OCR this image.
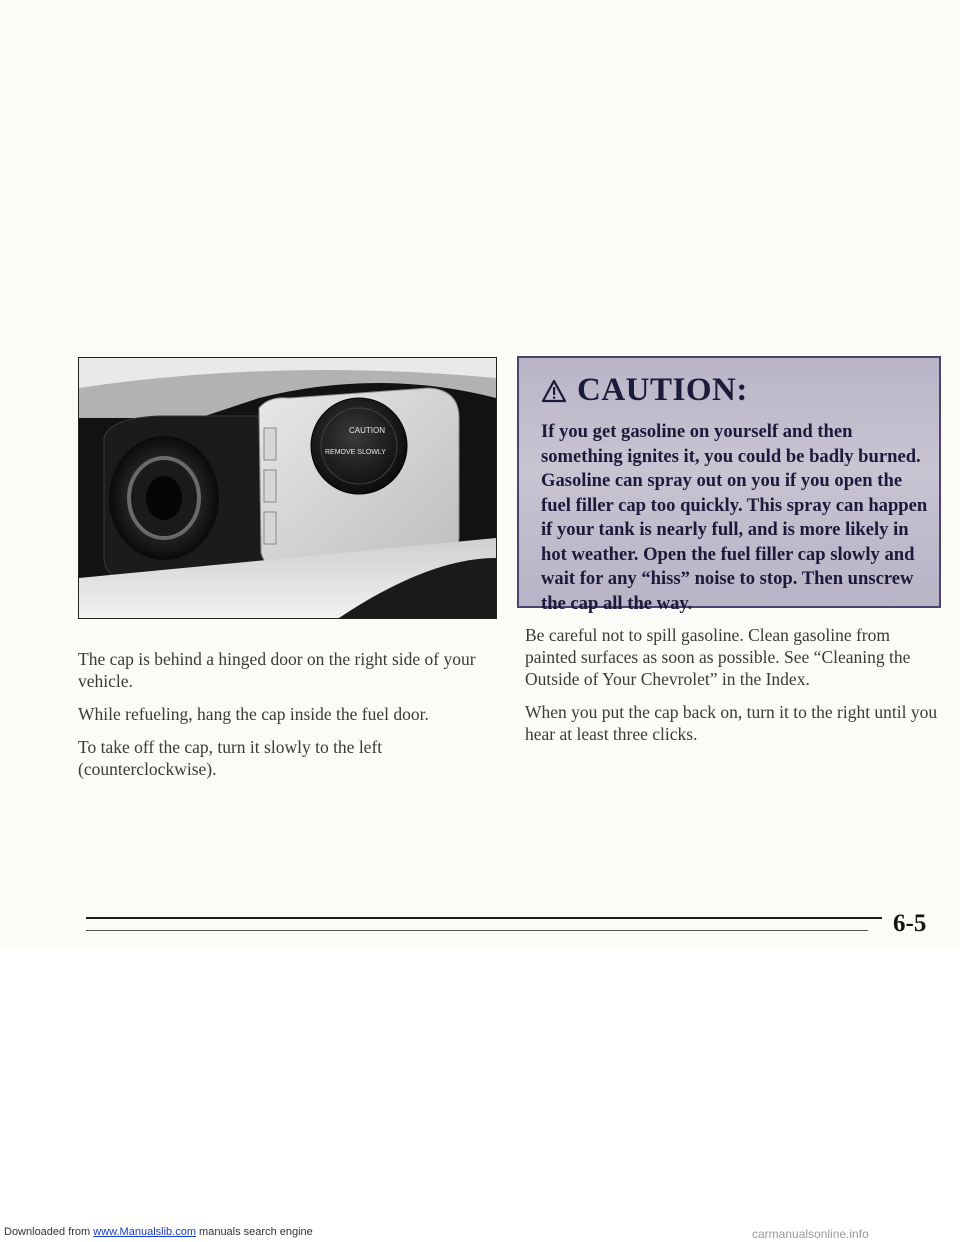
CAUTION
REMOVE SLOWLY
CAUTION:

If you get gasoline on yourself and then something ignites it, you could be badly burned. Gasoline can spray out on you if you open the fuel filler cap too quickly. This spray can happen if your tank is nearly full, and is more likely in hot weather. Open the fuel filler cap slowly and wait for any “hiss” noise to stop. Then unscrew the cap all the way.

The cap is behind a hinged door on the right side of your vehicle.

While refueling, hang the cap inside the fuel door.

To take off the cap, turn it slowly to the left (counterclockwise).

Be careful not to spill gasoline. Clean gasoline from painted surfaces as soon as possible. See “Cleaning the Outside of Your Chevrolet” in the Index.

When you put the cap back on, turn it to the right until you hear at least three clicks.

6-5
Downloaded from www.Manualslib.com manuals search engine	carmanualsonline.info
